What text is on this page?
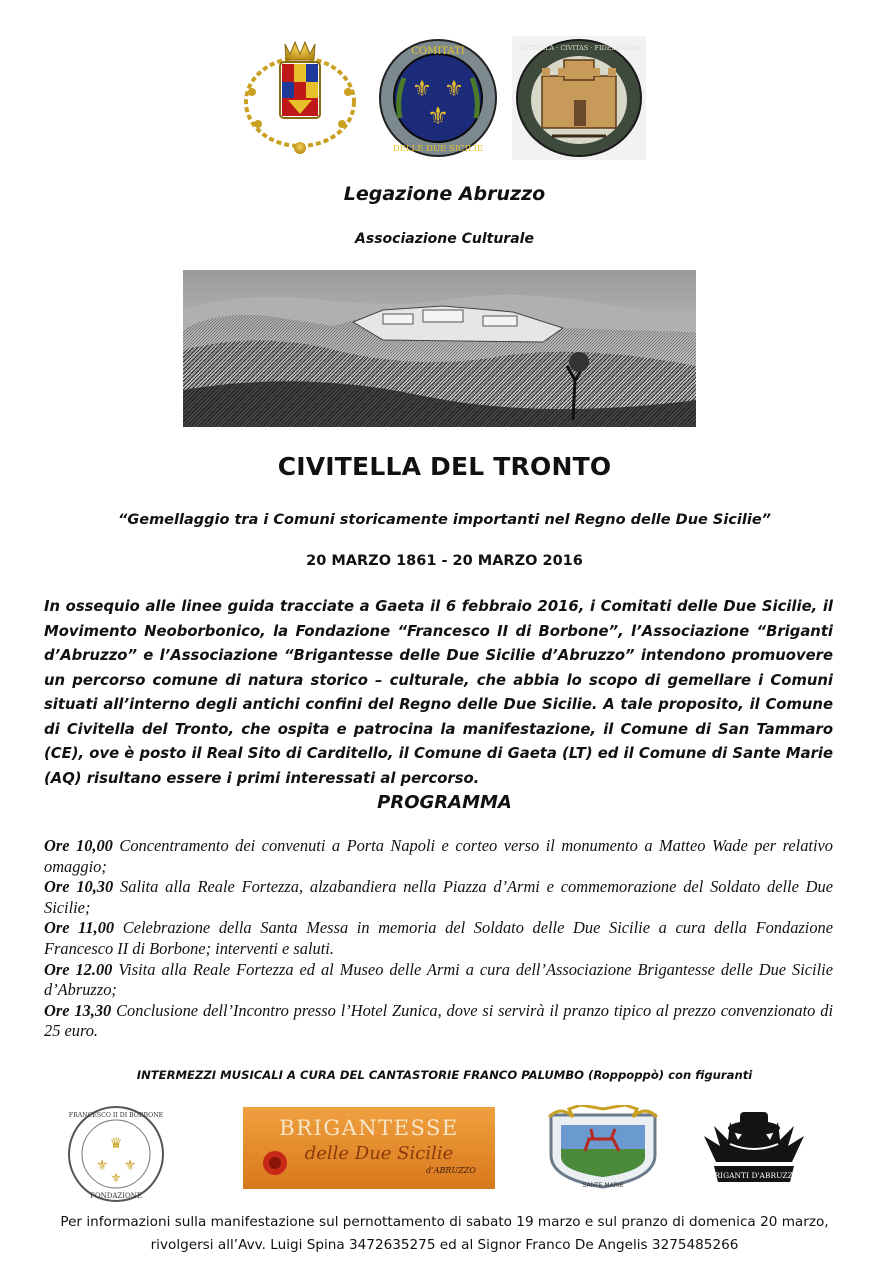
⚜ ⚜
⚜
COMITATI
DELLE DUE SICILIE
CIVITELLA · CIVITAS · FIDELISSIMA
Legazione Abruzzo
Associazione Culturale
CIVITELLA DEL TRONTO
“Gemellaggio tra i Comuni storicamente importanti nel Regno delle Due Sicilie”
20 MARZO 1861 - 20 MARZO 2016

In ossequio alle linee guida tracciate a Gaeta il 6 febbraio 2016, i Comitati delle Due Sicilie, il Movimento Neoborbonico, la Fondazione “Francesco II di Borbone”, l’Associazione “Briganti d’Abruzzo” e l’Associazione “Brigantesse delle Due Sicilie d’Abruzzo” intendono promuovere un percorso comune di natura storico – culturale, che abbia lo scopo di gemellare i Comuni situati all’interno degli antichi confini del Regno delle Due Sicilie. A tale proposito, il Comune di Civitella del Tronto, che ospita e patrocina la manifestazione, il Comune di San Tammaro (CE), ove è posto il Real Sito di Carditello, il Comune di Gaeta (LT) ed il Comune di Sante Marie (AQ) risultano essere i primi interessati al percorso.

PROGRAMMA
Ore 10,00 Concentramento dei convenuti a Porta Napoli e corteo verso il monumento a Matteo Wade per relativo omaggio;
Ore 10,30 Salita alla Reale Fortezza, alzabandiera nella Piazza d’Armi e commemorazione del Soldato delle Due Sicilie;
Ore 11,00 Celebrazione della Santa Messa in memoria del Soldato delle Due Sicilie a cura della Fondazione Francesco II di Borbone; interventi e saluti.
Ore 12.00 Visita alla Reale Fortezza ed al Museo delle Armi a cura dell’Associazione Brigantesse delle Due Sicilie d’Abruzzo;
Ore 13,30 Conclusione dell’Incontro presso l’Hotel Zunica, dove si servirà il pranzo tipico al prezzo convenzionato di 25 euro.
INTERMEZZI MUSICALI A CURA DEL CANTASTORIE FRANCO PALUMBO (Roppoppò) con figuranti
FRANCESCO II DI BORBONE
FONDAZIONE
♛
⚜ ⚜
⚜
BRIGANTESSE
delle Due Sicilie
d’ABRUZZO
SANTE MARIE
BRIGANTI D'ABRUZZO
Per informazioni sulla manifestazione sul pernottamento di sabato 19 marzo e sul pranzo di domenica 20 marzo,
rivolgersi all’Avv. Luigi Spina 3472635275 ed al Signor Franco De Angelis 3275485266
